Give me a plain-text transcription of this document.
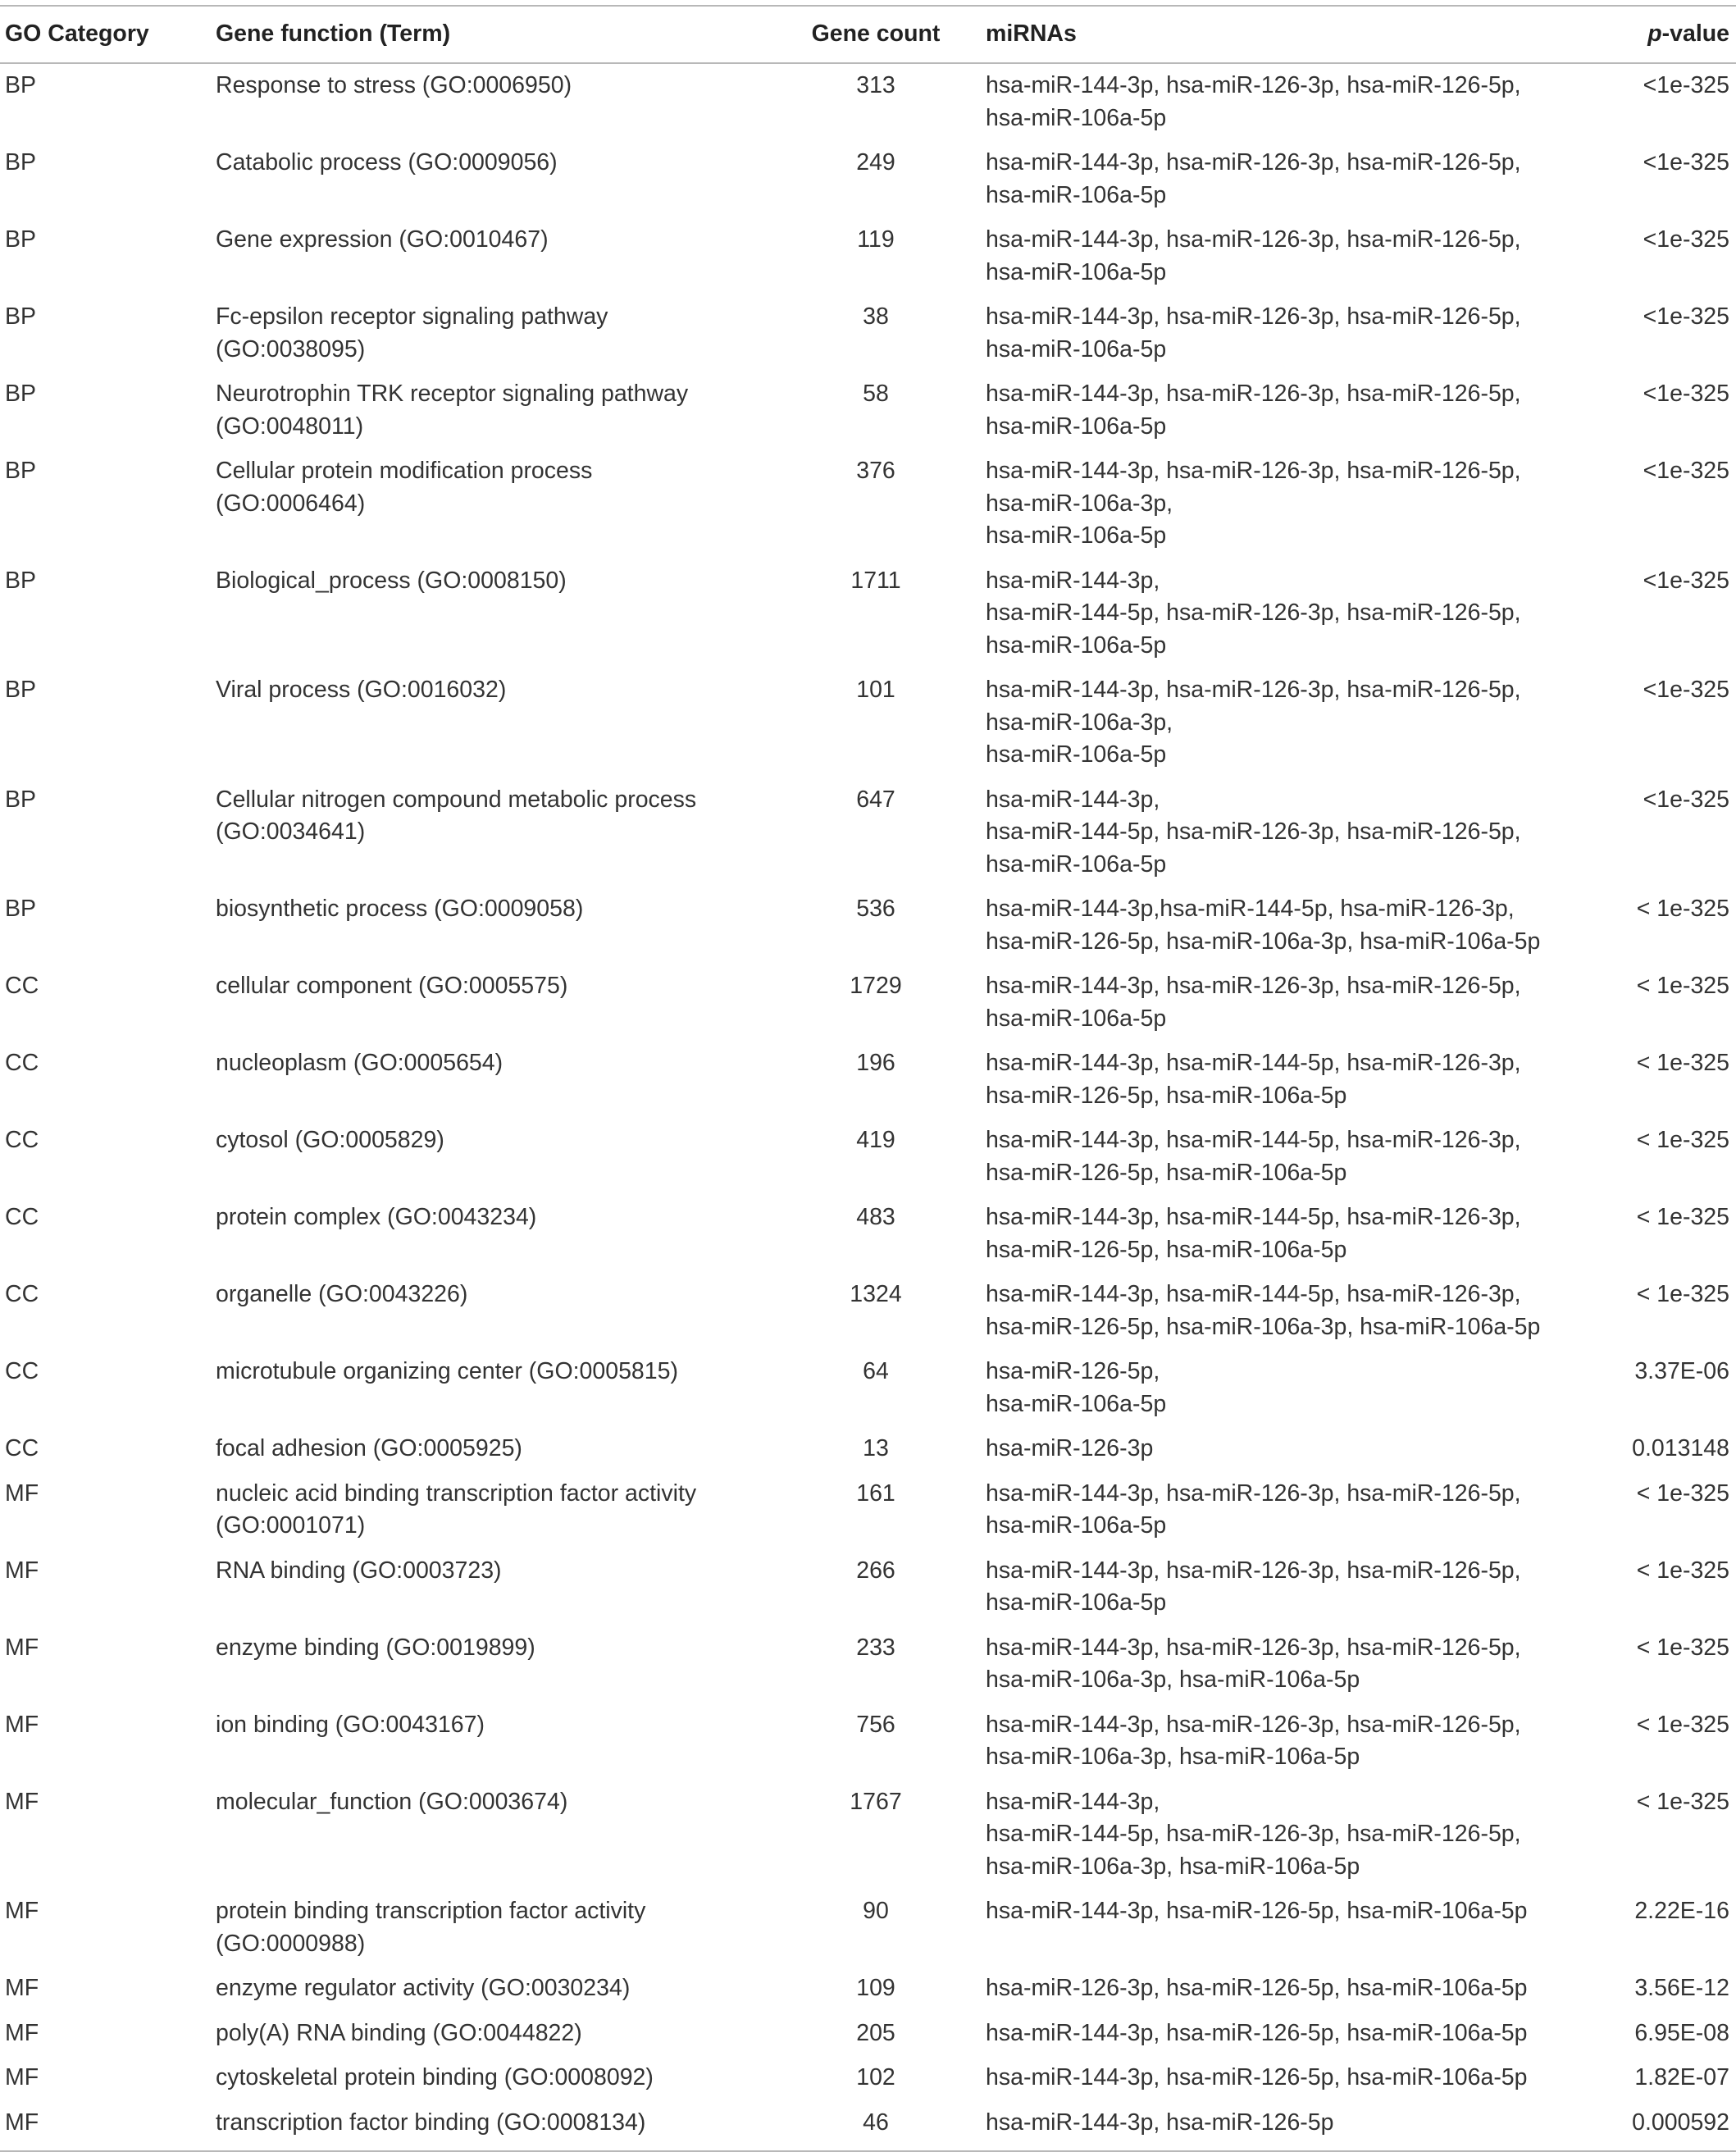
GO Category	Gene function (Term)	Gene count	miRNAs	p-value
BP	Response to stress (GO:0006950)	313	hsa-miR-144-3p, hsa-miR-126-3p, hsa-miR-126-5p,
hsa-miR-106a-5p	<1e-325
BP	Catabolic process (GO:0009056)	249	hsa-miR-144-3p, hsa-miR-126-3p, hsa-miR-126-5p,
hsa-miR-106a-5p	<1e-325
BP	Gene expression (GO:0010467)	119	hsa-miR-144-3p, hsa-miR-126-3p, hsa-miR-126-5p,
hsa-miR-106a-5p	<1e-325
BP	Fc-epsilon receptor signaling pathway
(GO:0038095)	38	hsa-miR-144-3p, hsa-miR-126-3p, hsa-miR-126-5p,
hsa-miR-106a-5p	<1e-325
BP	Neurotrophin TRK receptor signaling pathway
(GO:0048011)	58	hsa-miR-144-3p, hsa-miR-126-3p, hsa-miR-126-5p,
hsa-miR-106a-5p	<1e-325
BP	Cellular protein modification process
(GO:0006464)	376	hsa-miR-144-3p, hsa-miR-126-3p, hsa-miR-126-5p,
hsa-miR-106a-3p,
hsa-miR-106a-5p	<1e-325
BP	Biological_process (GO:0008150)	1711	hsa-miR-144-3p,
hsa-miR-144-5p, hsa-miR-126-3p, hsa-miR-126-5p,
hsa-miR-106a-5p	<1e-325
BP	Viral process (GO:0016032)	101	hsa-miR-144-3p, hsa-miR-126-3p, hsa-miR-126-5p,
hsa-miR-106a-3p,
hsa-miR-106a-5p	<1e-325
BP	Cellular nitrogen compound metabolic process
(GO:0034641)	647	hsa-miR-144-3p,
hsa-miR-144-5p, hsa-miR-126-3p, hsa-miR-126-5p,
hsa-miR-106a-5p	<1e-325
BP	biosynthetic process (GO:0009058)	536	hsa-miR-144-3p,hsa-miR-144-5p, hsa-miR-126-3p,
hsa-miR-126-5p, hsa-miR-106a-3p, hsa-miR-106a-5p	< 1e-325
CC	cellular component (GO:0005575)	1729	hsa-miR-144-3p, hsa-miR-126-3p, hsa-miR-126-5p,
hsa-miR-106a-5p	< 1e-325
CC	nucleoplasm (GO:0005654)	196	hsa-miR-144-3p, hsa-miR-144-5p, hsa-miR-126-3p,
hsa-miR-126-5p, hsa-miR-106a-5p	< 1e-325
CC	cytosol (GO:0005829)	419	hsa-miR-144-3p, hsa-miR-144-5p, hsa-miR-126-3p,
hsa-miR-126-5p, hsa-miR-106a-5p	< 1e-325
CC	protein complex (GO:0043234)	483	hsa-miR-144-3p, hsa-miR-144-5p, hsa-miR-126-3p,
hsa-miR-126-5p, hsa-miR-106a-5p	< 1e-325
CC	organelle (GO:0043226)	1324	hsa-miR-144-3p, hsa-miR-144-5p, hsa-miR-126-3p,
hsa-miR-126-5p, hsa-miR-106a-3p, hsa-miR-106a-5p	< 1e-325
CC	microtubule organizing center (GO:0005815)	64	hsa-miR-126-5p,
hsa-miR-106a-5p	3.37E-06
CC	focal adhesion (GO:0005925)	13	hsa-miR-126-3p	0.013148
MF	nucleic acid binding transcription factor activity
(GO:0001071)	161	hsa-miR-144-3p, hsa-miR-126-3p, hsa-miR-126-5p,
hsa-miR-106a-5p	< 1e-325
MF	RNA binding (GO:0003723)	266	hsa-miR-144-3p, hsa-miR-126-3p, hsa-miR-126-5p,
hsa-miR-106a-5p	< 1e-325
MF	enzyme binding (GO:0019899)	233	hsa-miR-144-3p, hsa-miR-126-3p, hsa-miR-126-5p,
hsa-miR-106a-3p, hsa-miR-106a-5p	< 1e-325
MF	ion binding (GO:0043167)	756	hsa-miR-144-3p, hsa-miR-126-3p, hsa-miR-126-5p,
hsa-miR-106a-3p, hsa-miR-106a-5p	< 1e-325
MF	molecular_function (GO:0003674)	1767	hsa-miR-144-3p,
hsa-miR-144-5p, hsa-miR-126-3p, hsa-miR-126-5p,
hsa-miR-106a-3p, hsa-miR-106a-5p	< 1e-325
MF	protein binding transcription factor activity
(GO:0000988)	90	hsa-miR-144-3p, hsa-miR-126-5p, hsa-miR-106a-5p	2.22E-16
MF	enzyme regulator activity (GO:0030234)	109	hsa-miR-126-3p, hsa-miR-126-5p, hsa-miR-106a-5p	3.56E-12
MF	poly(A) RNA binding (GO:0044822)	205	hsa-miR-144-3p, hsa-miR-126-5p, hsa-miR-106a-5p	6.95E-08
MF	cytoskeletal protein binding (GO:0008092)	102	hsa-miR-144-3p, hsa-miR-126-5p, hsa-miR-106a-5p	1.82E-07
MF	transcription factor binding (GO:0008134)	46	hsa-miR-144-3p, hsa-miR-126-5p	0.000592
